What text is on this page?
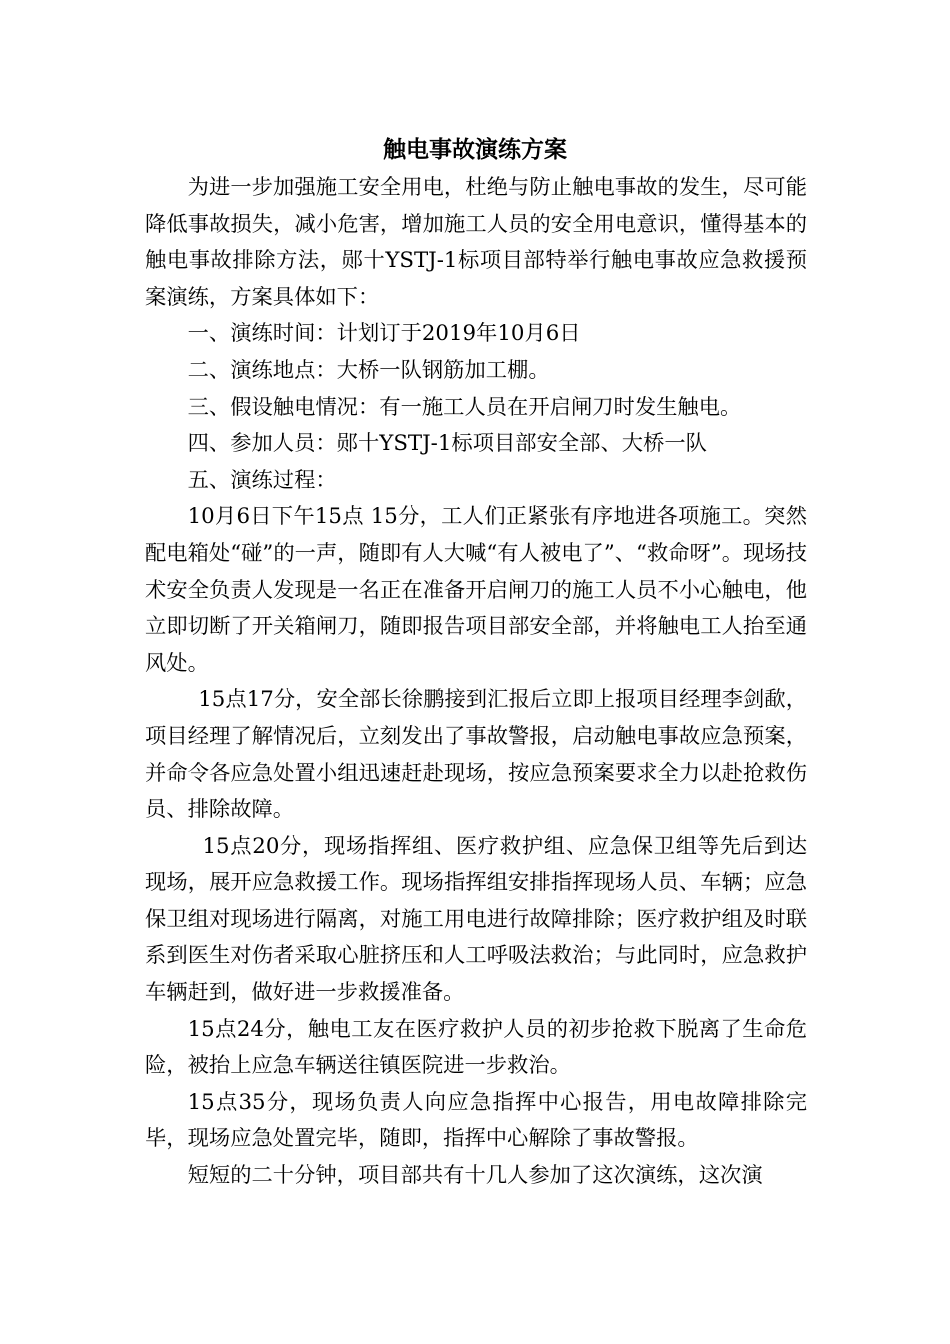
触电事故演练方案

为进一步加强施工安全用电，杜绝与防止触电事故的发生，尽可能降低事故损失，减小危害，增加施工人员的安全用电意识，懂得基本的触电事故排除方法，郧十YSTJ-1标项目部特举行触电事故应急救援预案演练，方案具体如下：

一、演练时间：计划订于2019年10月6日

二、演练地点：大桥一队钢筋加工棚。

三、假设触电情况：有一施工人员在开启闸刀时发生触电。

四、参加人员：郧十YSTJ-1标项目部安全部、大桥一队

五、演练过程：

10月6日下午15点 15分，工人们正紧张有序地进各项施工。突然配电箱处“碰”的一声，随即有人大喊“有人被电了”、“救命呀”。现场技术安全负责人发现是一名正在准备开启闸刀的施工人员不小心触电，他立即切断了开关箱闸刀，随即报告项目部安全部，并将触电工人抬至通风处。

15点17分，安全部长徐鹏接到汇报后立即上报项目经理李剑歃，项目经理了解情况后，立刻发出了事故警报，启动触电事故应急预案，并命令各应急处置小组迅速赶赴现场，按应急预案要求全力以赴抢救伤员、排除故障。

15点20分，现场指挥组、医疗救护组、应急保卫组等先后到达现场，展开应急救援工作。现场指挥组安排指挥现场人员、车辆；应急保卫组对现场进行隔离，对施工用电进行故障排除；医疗救护组及时联系到医生对伤者采取心脏挤压和人工呼吸法救治；与此同时，应急救护车辆赶到，做好进一步救援准备。

15点24分，触电工友在医疗救护人员的初步抢救下脱离了生命危险，被抬上应急车辆送往镇医院进一步救治。

15点35分，现场负责人向应急指挥中心报告，用电故障排除完毕，现场应急处置完毕，随即，指挥中心解除了事故警报。

短短的二十分钟，项目部共有十几人参加了这次演练，这次演
